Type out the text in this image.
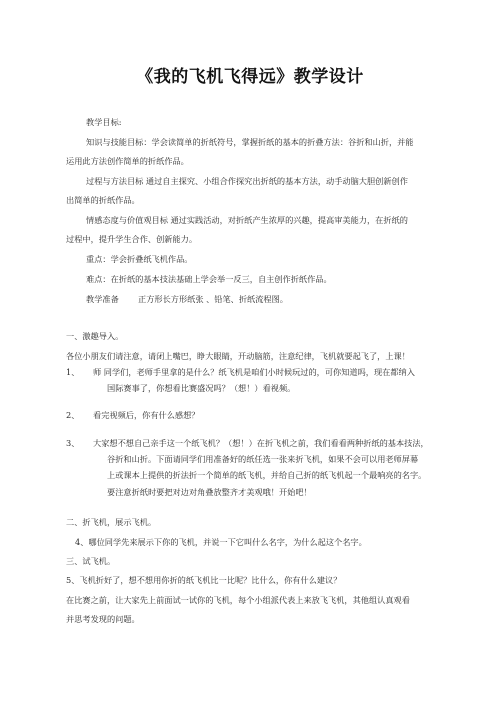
《我的飞机飞得远》教学设计
教学目标:
知识与技能目标：学会读简单的折纸符号，掌握折纸的基本的折叠方法：谷折和山折，并能
运用此方法创作简单的折纸作品。
过程与方法目标 通过自主探究、小组合作探究出折纸的基本方法，动手动脑大胆创新创作
出简单的折纸作品。
情感态度与价值观目标 通过实践活动，对折纸产生浓厚的兴趣，提高审美能力，在折纸的
过程中，提升学生合作、创新能力。
重点：学会折叠纸飞机作品。
难点：在折纸的基本技法基础上学会举一反三，自主创作折纸作品。
教学准备 正方形长方形纸张 、铅笔、折纸流程图。
一、激趣导入。
各位小朋友们请注意，请闭上嘴巴，睁大眼睛，开动脑筋，注意纪律，飞机就要起飞了，上课！
1、 师 同学们，老师手里拿的是什么？纸飞机是咱们小时候玩过的，可你知道吗，现在都纳入
国际赛事了，你想看比赛盛况吗？（想！）看视频。
2、 看完视频后，你有什么感想？
3、 大家想不想自己亲手这一个纸飞机？（想！）在折飞机之前，我们看看两种折纸的基本技法，
谷折和山折。下面请同学们用准备好的纸任选一张来折飞机，如果不会可以用老师屏幕
上或课本上提供的折法折一个简单的纸飞机，并给自己折的纸飞机起一个最响亮的名字。
要注意折纸时要把对边对角叠放整齐才美观哦！开始吧！
二、折飞机，展示飞机。
4、哪位同学先来展示下你的飞机，并说一下它叫什么名字，为什么起这个名字。
三、试飞机。
5、飞机折好了，想不想用你折的纸飞机比一比呢？比什么，你有什么建议？
在比赛之前，让大家先上前面试一试你的飞机，每个小组派代表上来放飞飞机，其他组认真观看
并思考发现的问题。
